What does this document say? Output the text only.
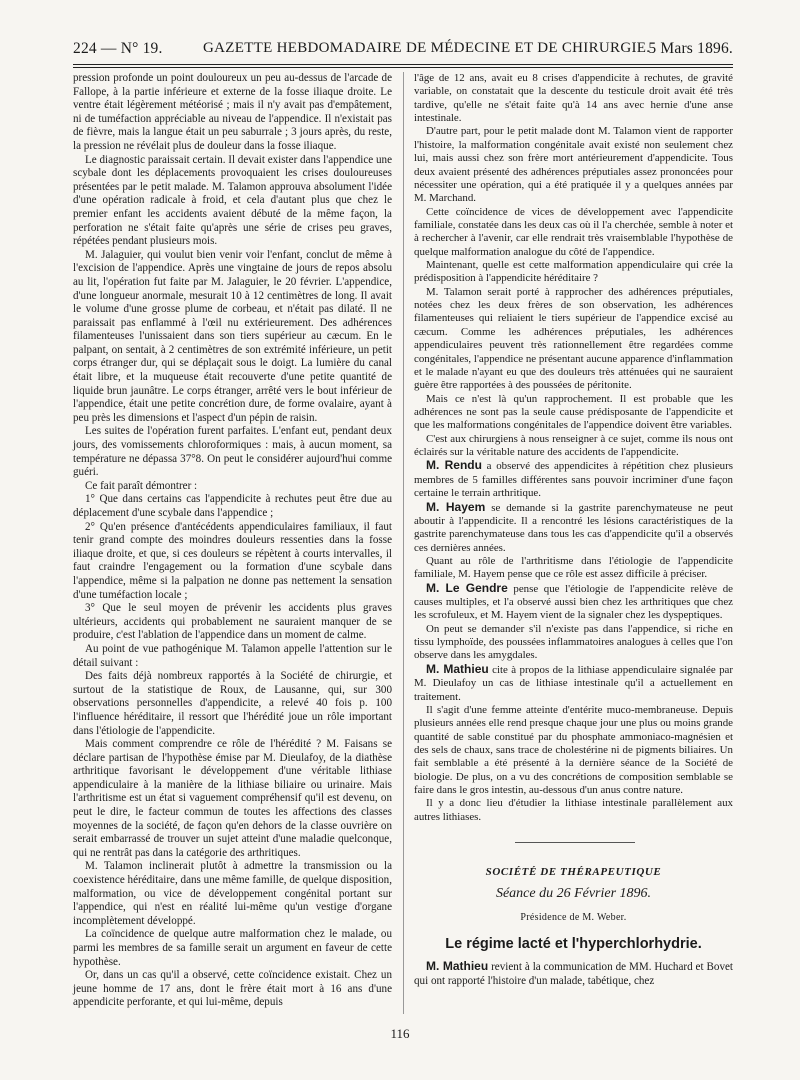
224 — N° 19.	GAZETTE HEBDOMADAIRE DE MÉDECINE ET DE CHIRURGIE.
5 Mars 1896.

pression profonde un point douloureux un peu au-dessus de l'arcade de Fallope, à la partie inférieure et externe de la fosse iliaque droite. Le ventre était légèrement météorisé ; mais il n'y avait pas d'empâtement, ni de tuméfaction appréciable au niveau de l'appendice. Il n'existait pas de fièvre, mais la langue était un peu saburrale ; 3 jours après, du reste, la pression ne révélait plus de douleur dans la fosse iliaque.

Le diagnostic paraissait certain. Il devait exister dans l'appendice une scybale dont les déplacements provoquaient les crises douloureuses présentées par le petit malade. M. Talamon approuva absolument l'idée d'une opération radicale à froid, et cela d'autant plus que chez le premier enfant les accidents avaient débuté de la même façon, la perforation ne s'était faite qu'après une série de crises peu graves, répétées pendant plusieurs mois.

M. Jalaguier, qui voulut bien venir voir l'enfant, conclut de même à l'excision de l'appendice. Après une vingtaine de jours de repos absolu au lit, l'opération fut faite par M. Jalaguier, le 20 février. L'appendice, d'une longueur anormale, mesurait 10 à 12 centimètres de long. Il avait le volume d'une grosse plume de corbeau, et n'était pas dilaté. Il ne paraissait pas enflammé à l'œil nu extérieurement. Des adhérences filamenteuses l'unissaient dans son tiers supérieur au cæcum. En le palpant, on sentait, à 2 centimètres de son extrémité inférieure, un petit corps étranger dur, qui se déplaçait sous le doigt. La lumière du canal était libre, et la muqueuse était recouverte d'une petite quantité de liquide brun jaunâtre. Le corps étranger, arrêté vers le bout inférieur de l'appendice, était une petite concrétion dure, de forme ovalaire, ayant à peu près les dimensions et l'aspect d'un pépin de raisin.

Les suites de l'opération furent parfaites. L'enfant eut, pendant deux jours, des vomissements chloroformiques : mais, à aucun moment, sa température ne dépassa 37°8. On peut le considérer aujourd'hui comme guéri.

Ce fait paraît démontrer :

1° Que dans certains cas l'appendicite à rechutes peut être due au déplacement d'une scybale dans l'appendice ;

2° Qu'en présence d'antécédents appendiculaires familiaux, il faut tenir grand compte des moindres douleurs ressenties dans la fosse iliaque droite, et que, si ces douleurs se répètent à courts intervalles, il faut craindre l'engagement ou la formation d'une scybale dans l'appendice, même si la palpation ne donne pas nettement la sensation d'une tuméfaction locale ;

3° Que le seul moyen de prévenir les accidents plus graves ultérieurs, accidents qui probablement ne sauraient manquer de se produire, c'est l'ablation de l'appendice dans un moment de calme.

Au point de vue pathogénique M. Talamon appelle l'attention sur le détail suivant :

Des faits déjà nombreux rapportés à la Société de chirurgie, et surtout de la statistique de Roux, de Lausanne, qui, sur 300 observations personnelles d'appendicite, a relevé 40 fois p. 100 l'influence héréditaire, il ressort que l'hérédité joue un rôle important dans l'étiologie de l'appendicite.

Mais comment comprendre ce rôle de l'hérédité ? M. Faisans se déclare partisan de l'hypothèse émise par M. Dieulafoy, de la diathèse arthritique favorisant le développement d'une véritable lithiase appendiculaire à la manière de la lithiase biliaire ou urinaire. Mais l'arthritisme est un état si vaguement compréhensif qu'il est devenu, on peut le dire, le facteur commun de toutes les affections des classes moyennes de la société, de façon qu'en dehors de la classe ouvrière on serait embarrassé de trouver un sujet atteint d'une maladie quelconque, qui ne rentrât pas dans la catégorie des arthritiques.

M. Talamon inclinerait plutôt à admettre la transmission ou la coexistence héréditaire, dans une même famille, de quelque disposition, malformation, ou vice de développement congénital portant sur l'appendice, qui n'est en réalité lui-même qu'un vestige d'organe incomplètement développé.

La coïncidence de quelque autre malformation chez le malade, ou parmi les membres de sa famille serait un argument en faveur de cette hypothèse.

Or, dans un cas qu'il a observé, cette coïncidence existait. Chez un jeune homme de 17 ans, dont le frère était mort à 16 ans d'une appendicite perforante, et qui lui-même, depuis

l'âge de 12 ans, avait eu 8 crises d'appendicite à rechutes, de gravité variable, on constatait que la descente du testicule droit avait été très tardive, qu'elle ne s'était faite qu'à 14 ans avec hernie d'une anse intestinale.

D'autre part, pour le petit malade dont M. Talamon vient de rapporter l'histoire, la malformation congénitale avait existé non seulement chez lui, mais aussi chez son frère mort antérieurement d'appendicite. Tous deux avaient présenté des adhérences préputiales assez prononcées pour nécessiter une opération, qui a été pratiquée il y a quelques années par M. Marchand.

Cette coïncidence de vices de développement avec l'appendicite familiale, constatée dans les deux cas où il l'a cherchée, semble à noter et à rechercher à l'avenir, car elle rendrait très vraisemblable l'hypothèse de quelque malformation analogue du côté de l'appendice.

Maintenant, quelle est cette malformation appendiculaire qui crée la prédisposition à l'appendicite héréditaire ?

M. Talamon serait porté à rapprocher des adhérences préputiales, notées chez les deux frères de son observation, les adhérences filamenteuses qui reliaient le tiers supérieur de l'appendice excisé au cæcum. Comme les adhérences préputiales, les adhérences appendiculaires peuvent très rationnellement être regardées comme congénitales, l'appendice ne présentant aucune apparence d'inflammation et le malade n'ayant eu que des douleurs très atténuées qui ne sauraient guère être rapportées à des poussées de péritonite.

Mais ce n'est là qu'un rapprochement. Il est probable que les adhérences ne sont pas la seule cause prédisposante de l'appendicite et que les malformations congénitales de l'appendice doivent être variables.

C'est aux chirurgiens à nous renseigner à ce sujet, comme ils nous ont éclairés sur la véritable nature des accidents de l'appendicite.

M. Rendu a observé des appendicites à répétition chez plusieurs membres de 5 familles différentes sans pouvoir incriminer d'une façon certaine le terrain arthritique.

M. Hayem se demande si la gastrite parenchymateuse ne peut aboutir à l'appendicite. Il a rencontré les lésions caractéristiques de la gastrite parenchymateuse dans tous les cas d'appendicite qu'il a observés ces dernières années.

Quant au rôle de l'arthritisme dans l'étiologie de l'appendicite familiale, M. Hayem pense que ce rôle est assez difficile à préciser.

M. Le Gendre pense que l'étiologie de l'appendicite relève de causes multiples, et l'a observé aussi bien chez les arthritiques que chez les scrofuleux, et M. Hayem vient de la signaler chez les dyspeptiques.

On peut se demander s'il n'existe pas dans l'appendice, si riche en tissu lymphoïde, des poussées inflammatoires analogues à celles que l'on observe dans les amygdales.

M. Mathieu cite à propos de la lithiase appendiculaire signalée par M. Dieulafoy un cas de lithiase intestinale qu'il a actuellement en traitement.

Il s'agit d'une femme atteinte d'entérite muco-membraneuse. Depuis plusieurs années elle rend presque chaque jour une plus ou moins grande quantité de sable constitué par du phosphate ammoniaco-magnésien et des sels de chaux, sans trace de cholestérine ni de pigments biliaires. Un fait semblable a été présenté à la dernière séance de la Société de biologie. De plus, on a vu des concrétions de composition semblable se faire dans le gros intestin, au-dessous d'un anus contre nature.

Il y a donc lieu d'étudier la lithiase intestinale parallèlement aux autres lithiases.

SOCIÉTÉ DE THÉRAPEUTIQUE
Séance du 26 Février 1896.
Présidence de M. Weber.
Le régime lacté et l'hyperchlorhydrie.

M. Mathieu revient à la communication de MM. Huchard et Bovet qui ont rapporté l'histoire d'un malade, tabétique, chez

116
